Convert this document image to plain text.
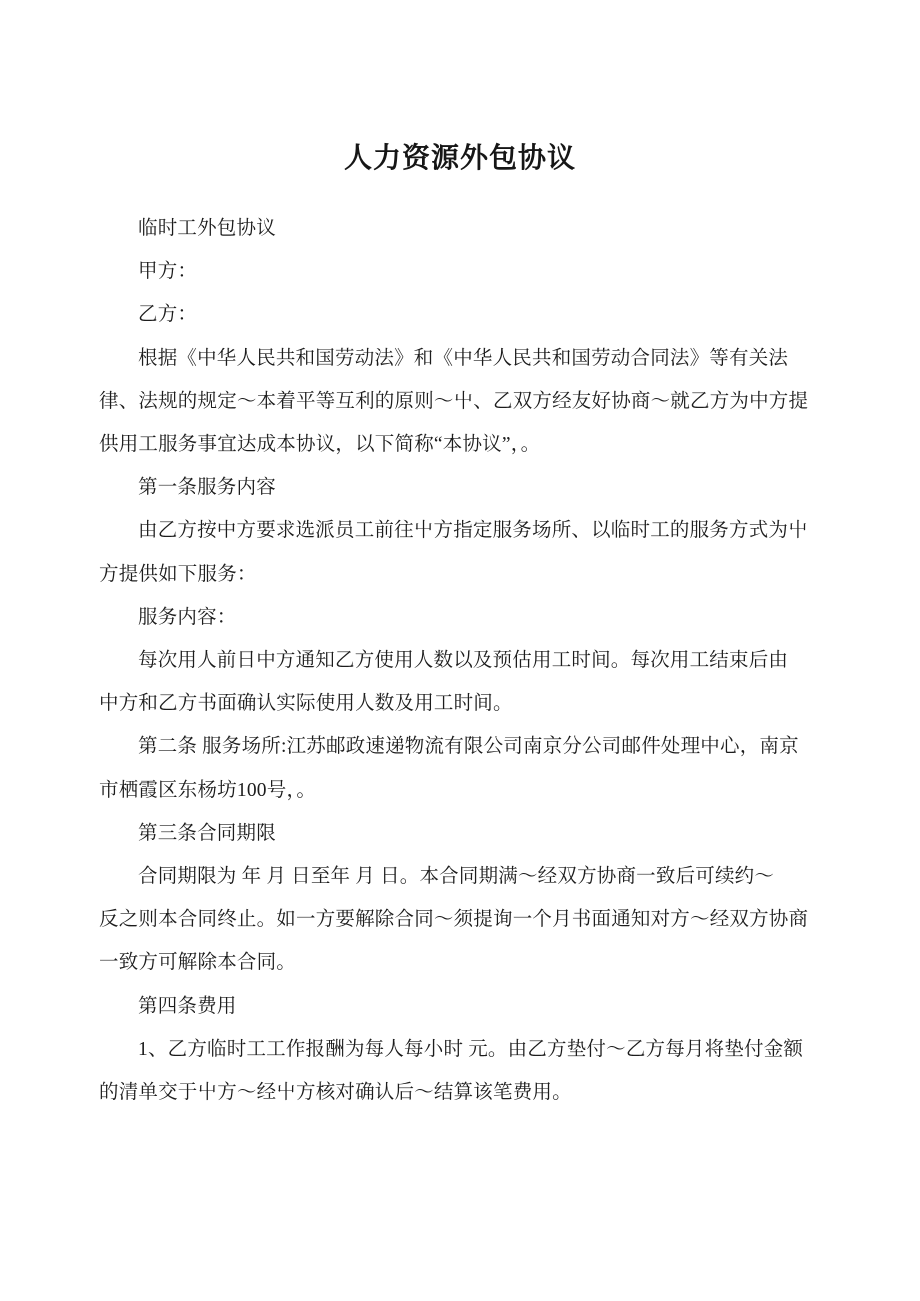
人力资源外包协议
临时工外包协议
甲方：
乙方：
根据《中华人民共和国劳动法》和《中华人民共和国劳动合同法》等有关法
律、法规的规定～本着平等互利的原则～屮、乙双方经友好协商～就乙方为中方提
供用工服务事宜达成本协议，以下简称“本协议”，。
第一条服务内容
由乙方按中方要求选派员工前往屮方指定服务场所、以临时工的服务方式为屮
方提供如下服务：
服务内容：
每次用人前日中方通知乙方使用人数以及预估用工时间。每次用工结束后由
中方和乙方书面确认实际使用人数及用工时间。
第二条 服务场所:江苏邮政速递物流有限公司南京分公司邮件处理中心，南京
市栖霞区东杨坊100号，。
第三条合同期限
合同期限为 年 月 日至年 月 日。本合同期满～经双方协商一致后可续约～
反之则本合同终止。如一方要解除合同～须提询一个月书面通知对方～经双方协商
一致方可解除本合同。
第四条费用
1、乙方临时工工作报酬为每人每小时 元。由乙方垫付～乙方每月将垫付金额
的清单交于屮方～经屮方核对确认后～结算该笔费用。
